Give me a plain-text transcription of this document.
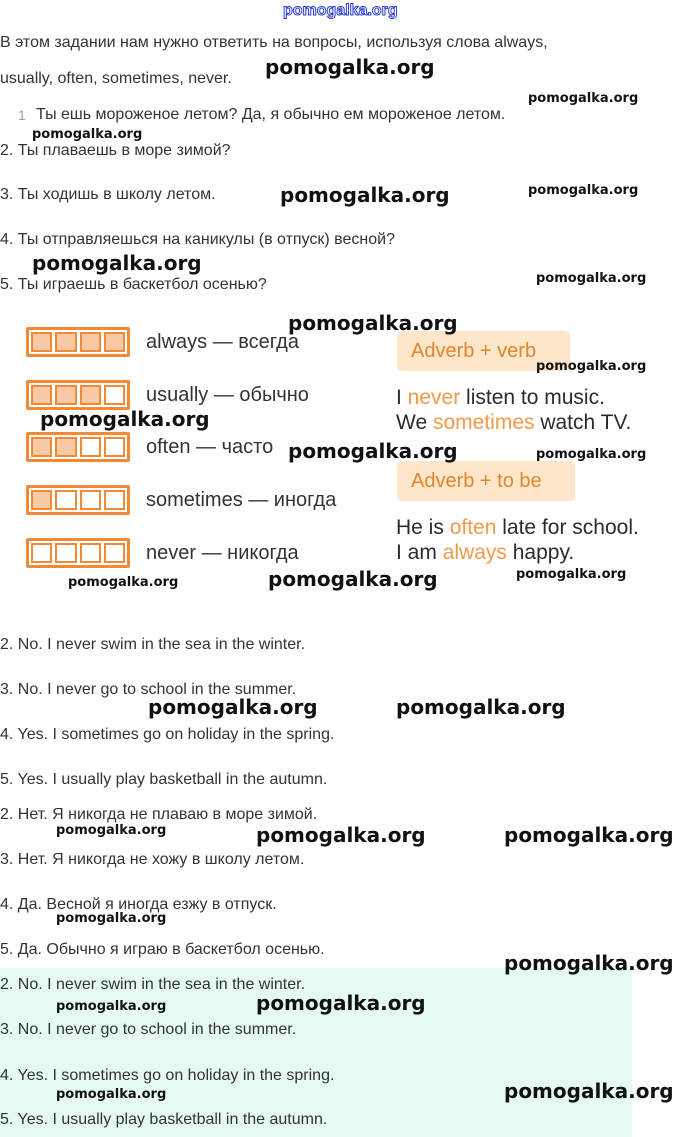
pomogalka.org
В этом задании нам нужно ответить на вопросы, используя слова always,
usually, often, sometimes, never.
1 Ты ешь мороженое летом? Да, я обычно ем мороженое летом.
2. Ты плаваешь в море зимой?
3. Ты ходишь в школу летом.
4. Ты отправляешься на каникулы (в отпуск) весной?
5. Ты играешь в баскетбол осенью?
always — всегда
usually — обычно
often — часто
sometimes — иногда
never — никогда
Adverb + verb
I never listen to music.
We sometimes watch TV.
Adverb + to be
He is often late for school.
I am always happy.
2. No. I never swim in the sea in the winter.
3. No. I never go to school in the summer.
4. Yes. I sometimes go on holiday in the spring.
5. Yes. I usually play basketball in the autumn.
2. Нет. Я никогда не плаваю в море зимой.
3. Нет. Я никогда не хожу в школу летом.
4. Да. Весной я иногда езжу в отпуск.
5. Да. Обычно я играю в баскетбол осенью.
2. No. I never swim in the sea in the winter.
3. No. I never go to school in the summer.
4. Yes. I sometimes go on holiday in the spring.
5. Yes. I usually play basketball in the autumn.
pomogalka.org
pomogalka.org
pomogalka.org
pomogalka.org	pomogalka.org
pomogalka.org
pomogalka.org
pomogalka.org
pomogalka.org
pomogalka.org
pomogalka.org	pomogalka.org
pomogalka.org
pomogalka.org
pomogalka.org
pomogalka.org	pomogalka.org
pomogalka.org	pomogalka.org	pomogalka.org
pomogalka.org
pomogalka.org
pomogalka.org	pomogalka.org
pomogalka.org	pomogalka.org
